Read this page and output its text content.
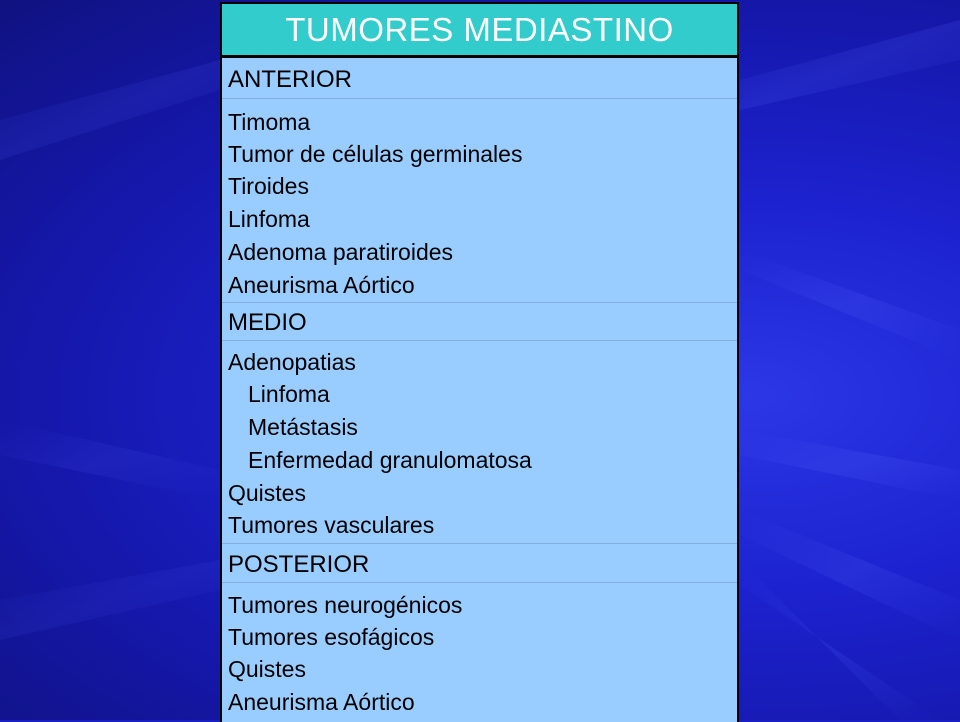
TUMORES MEDIASTINO
ANTERIOR
Timoma
Tumor de células germinales
Tiroides
Linfoma
Adenoma paratiroides
Aneurisma Aórtico
MEDIO
Adenopatias
Linfoma
Metástasis
Enfermedad granulomatosa
Quistes
Tumores vasculares
POSTERIOR
Tumores neurogénicos
Tumores esofágicos
Quistes
Aneurisma Aórtico
